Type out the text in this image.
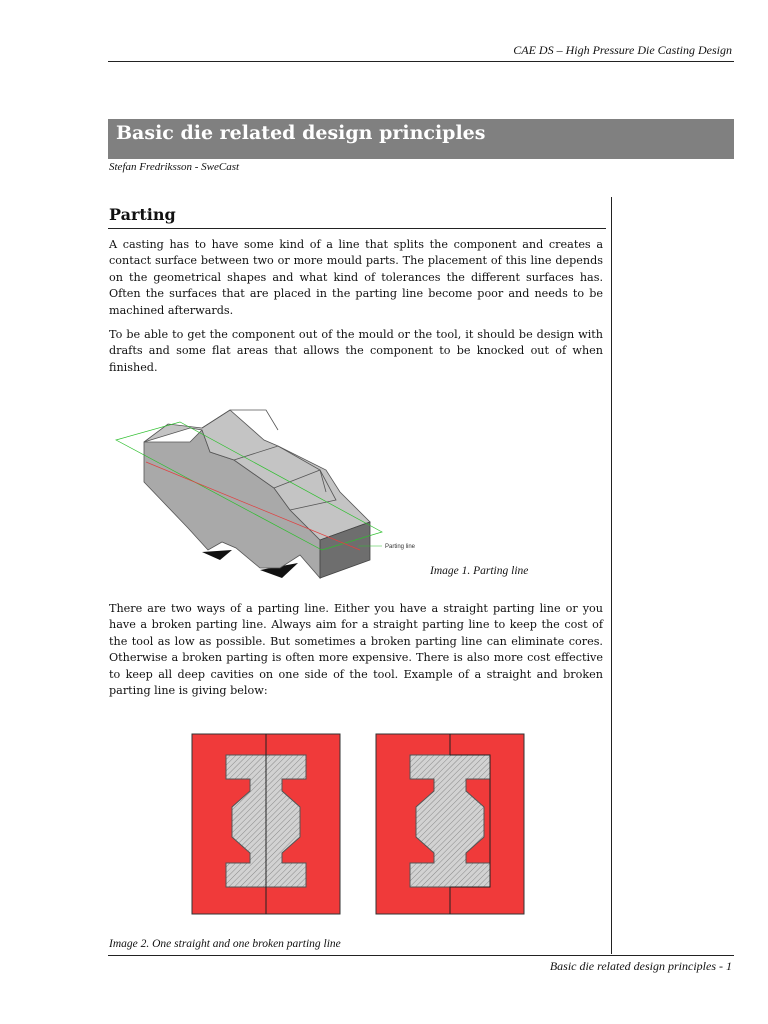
CAE DS – High Pressure Die Casting Design
Basic die related design principles
Stefan Fredriksson - SweCast
Parting

A casting has to have some kind of a line that splits the component and creates a contact surface between two or more mould parts. The placement of this line depends on the geometrical shapes and what kind of tolerances the different surfaces has. Often the surfaces that are placed in the parting line become poor and needs to be machined afterwards.

To be able to get the component out of the mould or the tool, it should be design with drafts and some flat areas that allows the component to be knocked out of when finished.

Parting line
Image 1. Parting line

There are two ways of a parting line. Either you have a straight parting line or you have a broken parting line. Always aim for a straight parting line to keep the cost of the tool as low as possible. But sometimes a broken parting line can eliminate cores. Otherwise a broken parting is often more expensive. There is also more cost effective to keep all deep cavities on one side of the tool. Example of a straight and broken parting line is giving below:

Image 2. One straight and one broken parting line
Basic die related design principles - 1
